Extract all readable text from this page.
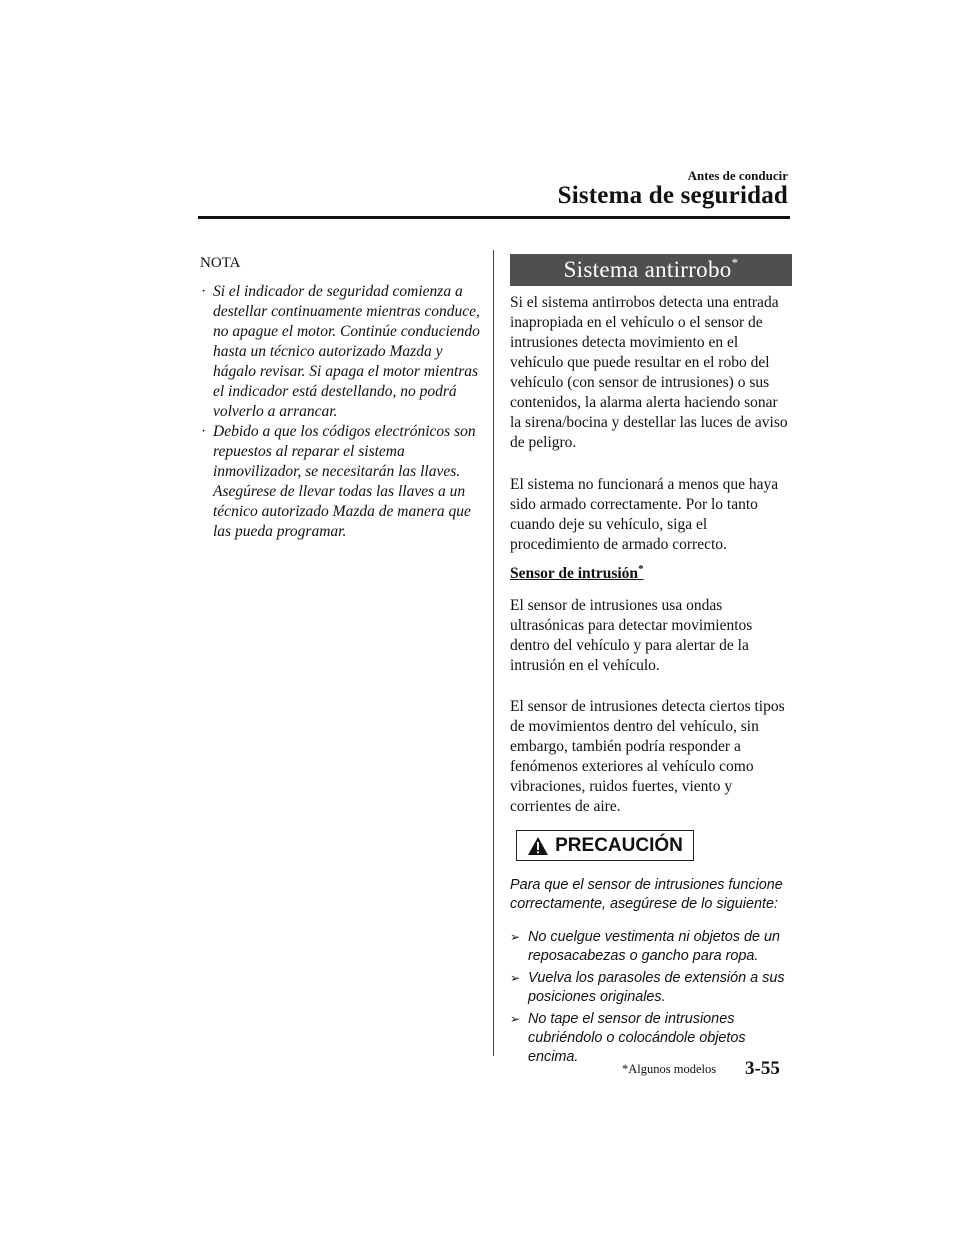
Antes de conducir
Sistema de seguridad
NOTA
· Si el indicador de seguridad comienza a destellar continuamente mientras conduce, no apague el motor. Continúe conduciendo hasta un técnico autorizado Mazda y hágalo revisar. Si apaga el motor mientras el indicador está destellando, no podrá volverlo a arrancar.
· Debido a que los códigos electrónicos son repuestos al reparar el sistema inmovilizador, se necesitarán las llaves. Asegúrese de llevar todas las llaves a un técnico autorizado Mazda de manera que las pueda programar.
Sistema antirrobo*

Si el sistema antirrobos detecta una entrada inapropiada en el vehículo o el sensor de intrusiones detecta movimiento en el vehículo que puede resultar en el robo del vehículo (con sensor de intrusiones) o sus contenidos, la alarma alerta haciendo sonar la sirena/bocina y destellar las luces de aviso de peligro.

El sistema no funcionará a menos que haya sido armado correctamente. Por lo tanto cuando deje su vehículo, siga el procedimiento de armado correcto.

Sensor de intrusión*

El sensor de intrusiones usa ondas ultrasónicas para detectar movimientos dentro del vehículo y para alertar de la intrusión en el vehículo.

El sensor de intrusiones detecta ciertos tipos de movimientos dentro del vehículo, sin embargo, también podría responder a fenómenos exteriores al vehículo como vibraciones, ruidos fuertes, viento y corrientes de aire.

PRECAUCIÓN

Para que el sensor de intrusiones funcione correctamente, asegúrese de lo siguiente:

➢ No cuelgue vestimenta ni objetos de un reposacabezas o gancho para ropa.
➢ Vuelva los parasoles de extensión a sus posiciones originales.
➢ No tape el sensor de intrusiones cubriéndolo o colocándole objetos encima.
*Algunos modelos 3-55
